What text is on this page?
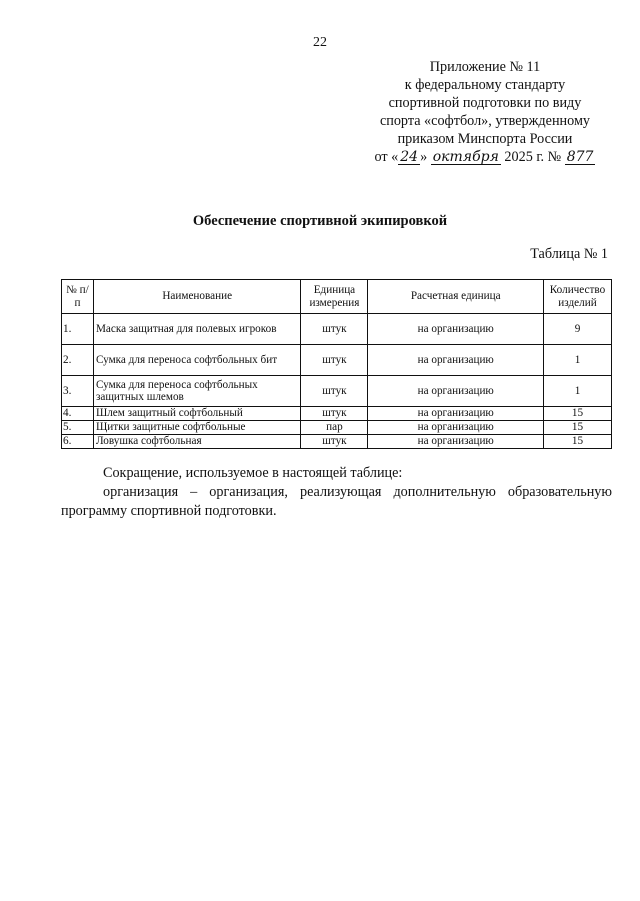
22
Приложение № 11
к федеральному стандарту
спортивной подготовки по виду
спорта «софтбол», утвержденному
приказом Минспорта России
от « 24 » октября 2025 г. № 877
Обеспечение спортивной экипировкой
Таблица № 1
№ п/п	Наименование	Единица измерения	Расчетная единица	Количество изделий
1.	Маска защитная для полевых игроков	штук	на организацию	9
2.	Сумка для переноса софтбольных бит	штук	на организацию	1
3.	Сумка для переноса софтбольных защитных шлемов	штук	на организацию	1
4.	Шлем защитный софтбольный	штук	на организацию	15
5.	Щитки защитные софтбольные	пар	на организацию	15
6.	Ловушка софтбольная	штук	на организацию	15

Сокращение, используемое в настоящей таблице:

организация – организация, реализующая дополнительную образовательную программу спортивной подготовки.
